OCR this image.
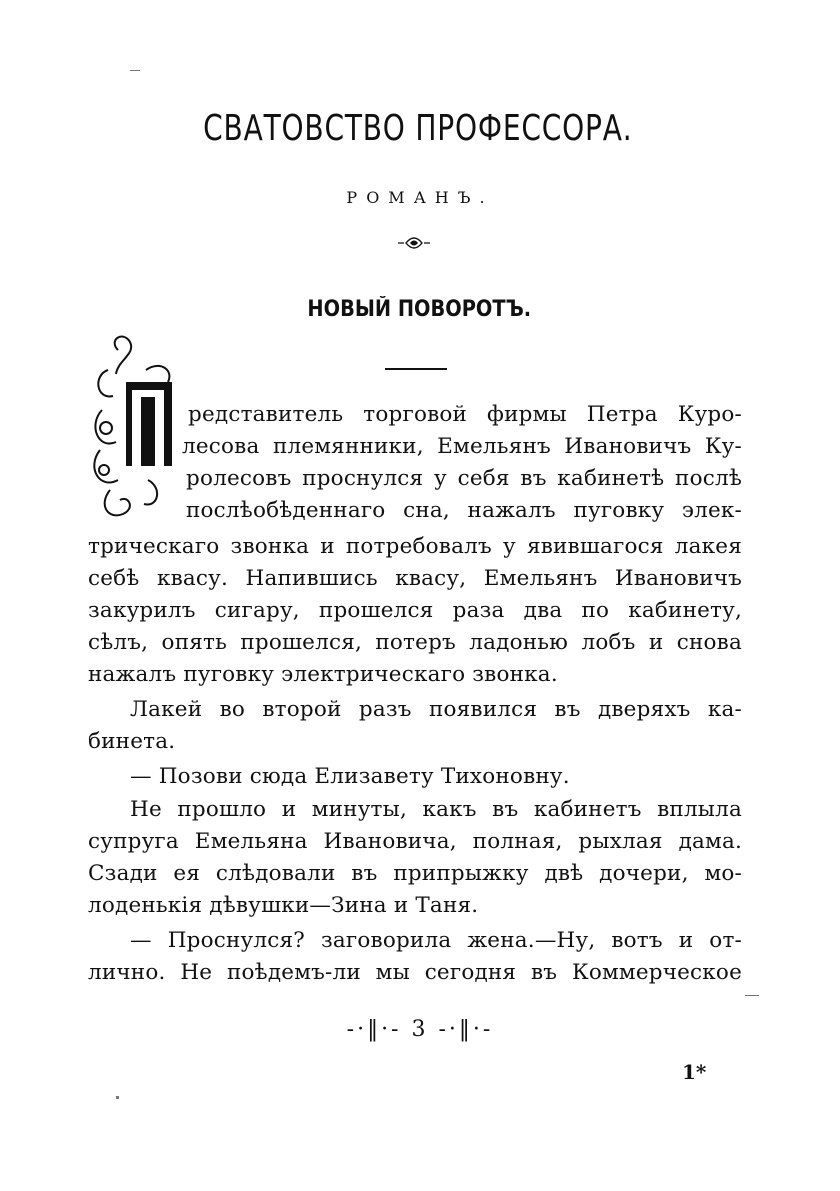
СВАТОВСТВО ПРОФЕССОРА.
РОМАНЪ.
НОВЫЙ ПОВОРОТЪ.
редставитель торговой фирмы Петра Куро-
лесова племянники, Емельянъ Ивановичъ Ку-
ролесовъ проснулся у себя въ кабинетѣ послѣ
послѣобѣденнаго сна, нажалъ пуговку элек-
трическаго звонка и потребовалъ у явившагося лакея
себѣ квасу. Напившись квасу, Емельянъ Ивановичъ
закурилъ сигару, прошелся раза два по кабинету,
сѣлъ, опять прошелся, потеръ ладонью лобъ и снова
нажалъ пуговку электрическаго звонка.
Лакей во второй разъ появился въ дверяхъ ка-
бинета.
— Позови сюда Елизавету Тихоновну.
Не прошло и минуты, какъ въ кабинетъ вплыла
супруга Емельяна Ивановича, полная, рыхлая дама.
Сзади ея слѣдовали въ припрыжку двѣ дочери, мо-
лоденькія дѣвушки—Зина и Таня.
— Проснулся? заговорила жена.—Ну, вотъ и от-
лично. Не поѣдемъ-ли мы сегодня въ Коммерческое
-·‖·- 3 -·‖·-
1*
